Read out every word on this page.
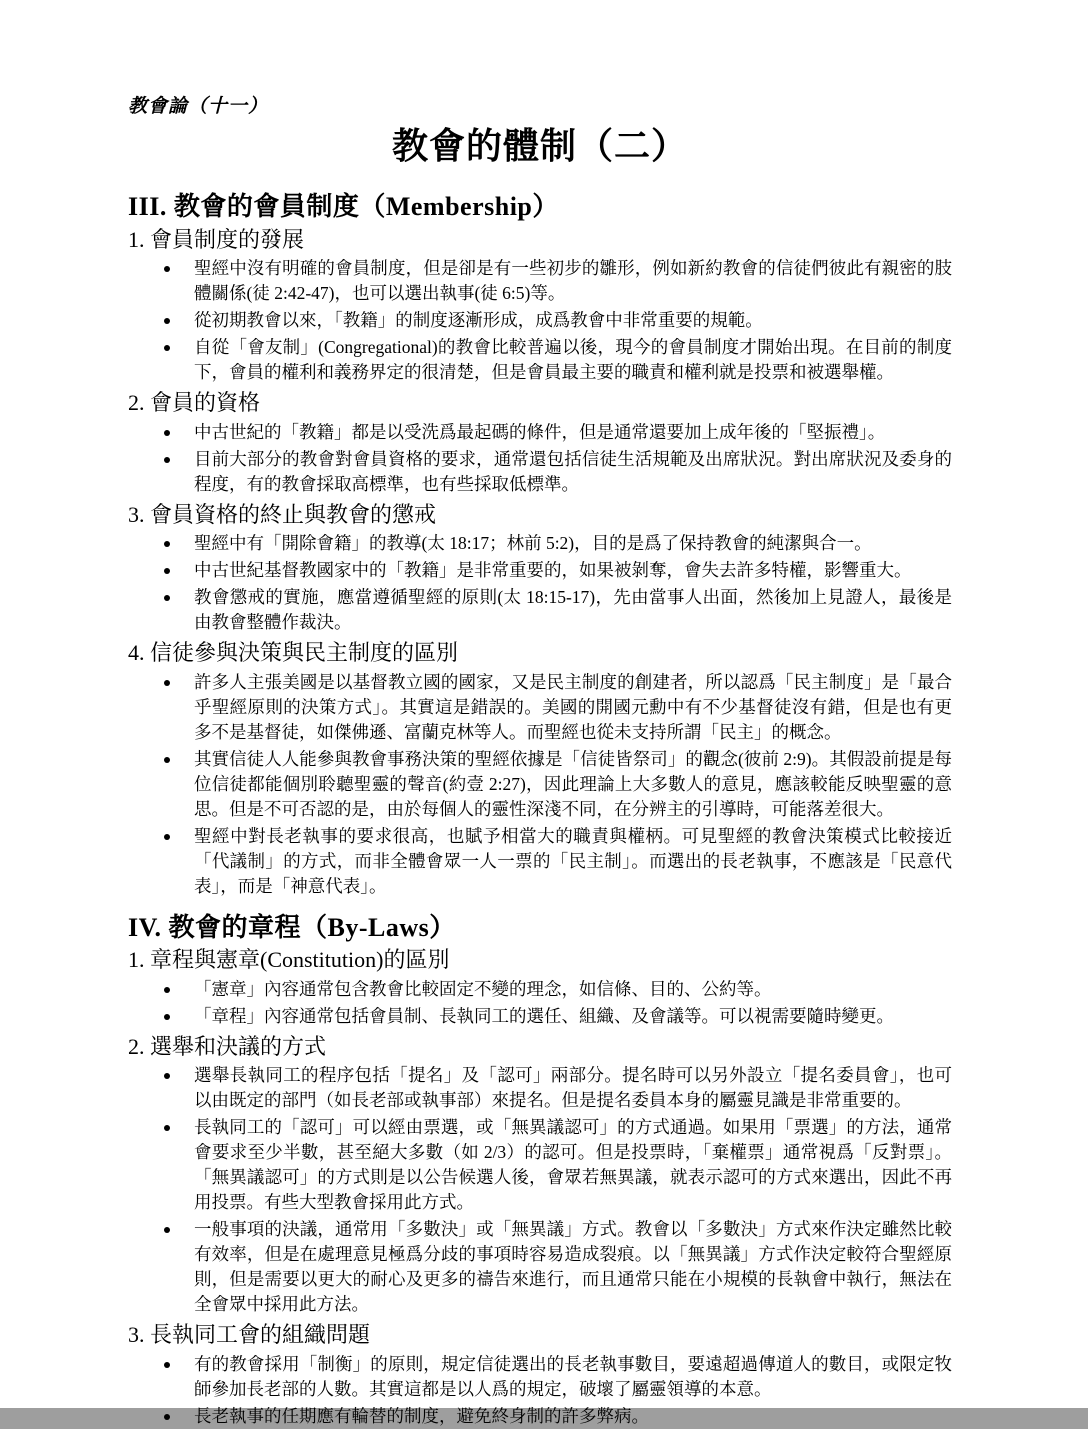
教會論（十一）
教會的體制（二）
III. 教會的會員制度（Membership）
1. 會員制度的發展
聖經中沒有明確的會員制度，但是卻是有一些初步的雛形，例如新約教會的信徒們彼此有親密的肢體關係(徒 2:42-47)，也可以選出執事(徒 6:5)等。
從初期教會以來，「教籍」的制度逐漸形成，成爲教會中非常重要的規範。
自從「會友制」(Congregational)的教會比較普遍以後，現今的會員制度才開始出現。在目前的制度下，會員的權利和義務界定的很清楚，但是會員最主要的職責和權利就是投票和被選舉權。
2. 會員的資格
中古世紀的「教籍」都是以受洗爲最起碼的條件，但是通常還要加上成年後的「堅振禮」。
目前大部分的教會對會員資格的要求，通常還包括信徒生活規範及出席狀況。對出席狀況及委身的程度，有的教會採取高標準，也有些採取低標準。
3. 會員資格的終止與教會的懲戒
聖經中有「開除會籍」的教導(太 18:17；林前 5:2)，目的是爲了保持教會的純潔與合一。
中古世紀基督教國家中的「教籍」是非常重要的，如果被剝奪，會失去許多特權，影響重大。
教會懲戒的實施，應當遵循聖經的原則(太 18:15-17)，先由當事人出面，然後加上見證人，最後是由教會整體作裁決。
4. 信徒參與決策與民主制度的區別
許多人主張美國是以基督教立國的國家，又是民主制度的創建者，所以認爲「民主制度」是「最合乎聖經原則的決策方式」。其實這是錯誤的。美國的開國元勳中有不少基督徒沒有錯，但是也有更多不是基督徒，如傑佛遜、富蘭克林等人。而聖經也從未支持所謂「民主」的概念。
其實信徒人人能參與教會事務決策的聖經依據是「信徒皆祭司」的觀念(彼前 2:9)。其假設前提是每位信徒都能個別聆聽聖靈的聲音(約壹 2:27)，因此理論上大多數人的意見，應該較能反映聖靈的意思。但是不可否認的是，由於每個人的靈性深淺不同，在分辨主的引導時，可能落差很大。
聖經中對長老執事的要求很高，也賦予相當大的職責與權柄。可見聖經的教會決策模式比較接近「代議制」的方式，而非全體會眾一人一票的「民主制」。而選出的長老執事，不應該是「民意代表」，而是「神意代表」。
IV. 教會的章程（By-Laws）
1. 章程與憲章(Constitution)的區別
「憲章」內容通常包含教會比較固定不變的理念，如信條、目的、公約等。
「章程」內容通常包括會員制、長執同工的選任、組織、及會議等。可以視需要隨時變更。
2. 選舉和決議的方式
選舉長執同工的程序包括「提名」及「認可」兩部分。提名時可以另外設立「提名委員會」，也可以由既定的部門（如長老部或執事部）來提名。但是提名委員本身的屬靈見識是非常重要的。
長執同工的「認可」可以經由票選，或「無異議認可」的方式通過。如果用「票選」的方法，通常會要求至少半數，甚至絕大多數（如 2/3）的認可。但是投票時，「棄權票」通常視爲「反對票」。「無異議認可」的方式則是以公告候選人後，會眾若無異議，就表示認可的方式來選出，因此不再用投票。有些大型教會採用此方式。
一般事項的決議，通常用「多數決」或「無異議」方式。教會以「多數決」方式來作決定雖然比較有效率，但是在處理意見極爲分歧的事項時容易造成裂痕。以「無異議」方式作決定較符合聖經原則，但是需要以更大的耐心及更多的禱告來進行，而且通常只能在小規模的長執會中執行，無法在全會眾中採用此方法。
3. 長執同工會的組織問題
有的教會採用「制衡」的原則，規定信徒選出的長老執事數目，要遠超過傳道人的數目，或限定牧師參加長老部的人數。其實這都是以人爲的規定，破壞了屬靈領導的本意。
長老執事的任期應有輪替的制度，避免終身制的許多弊病。
